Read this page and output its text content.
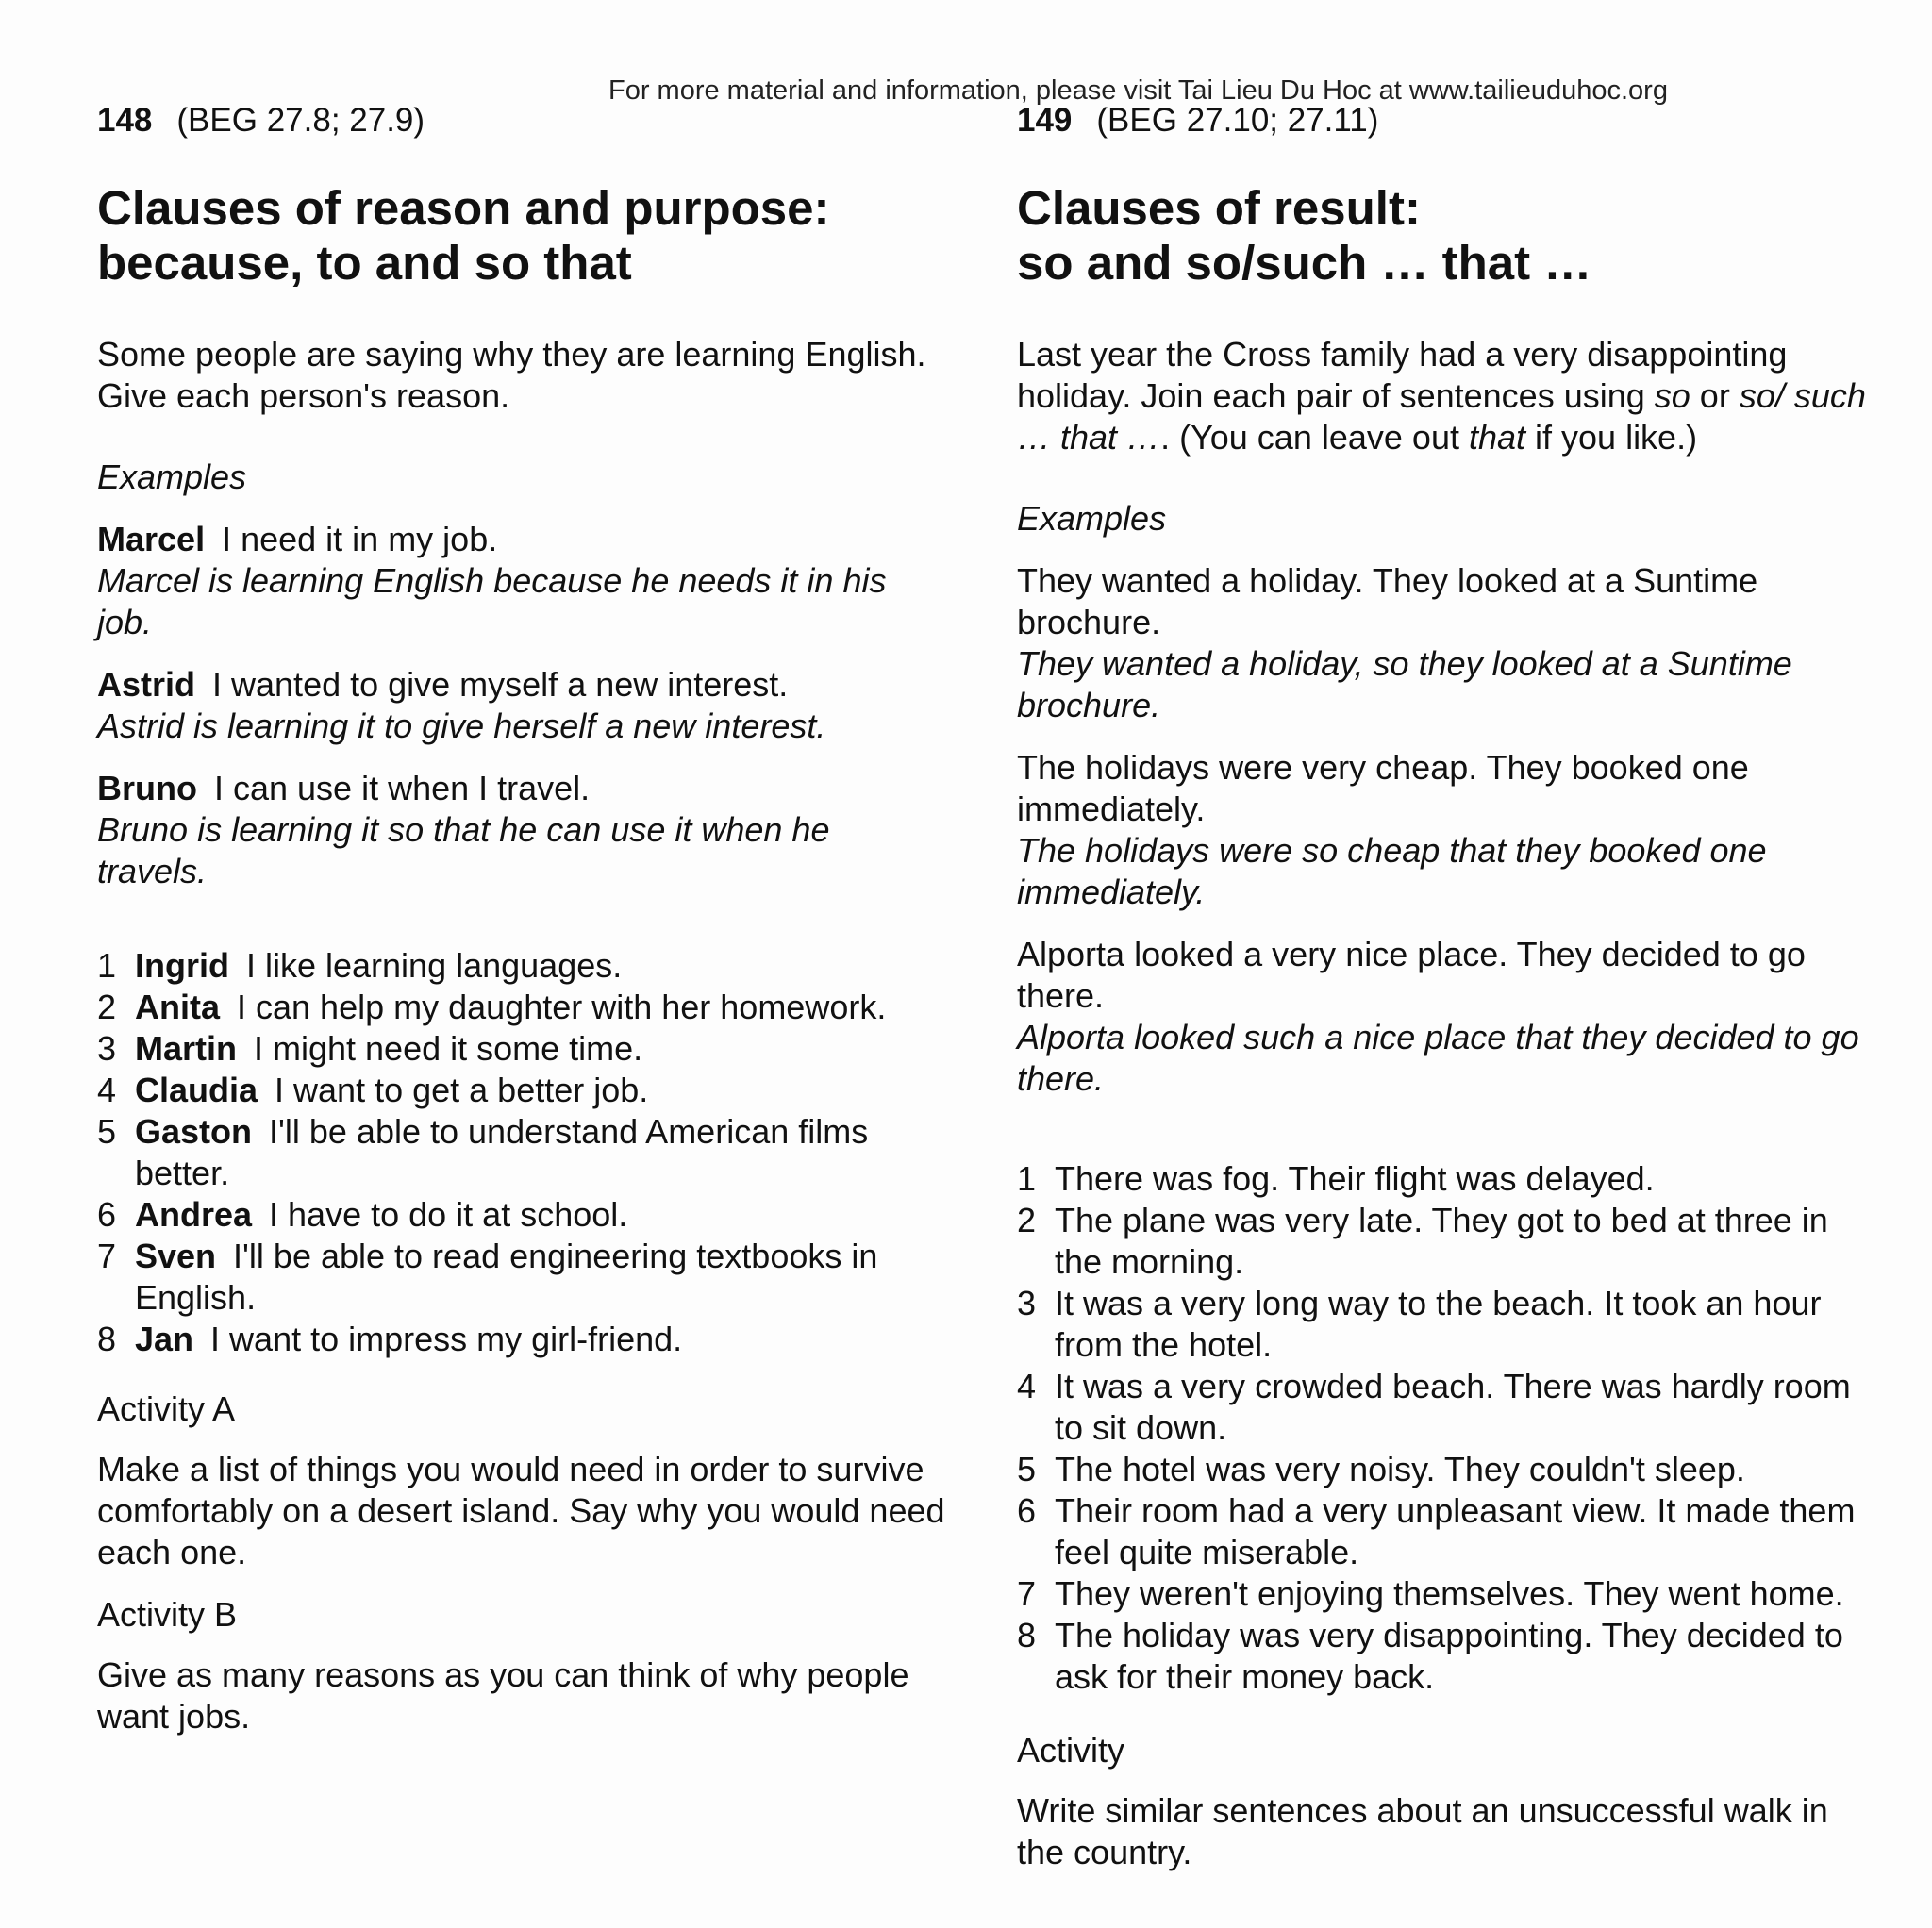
For more material and information, please visit Tai Lieu Du Hoc at www.tailieuduhoc.org
148 (BEG 27.8; 27.9)
Clauses of reason and purpose:
because, to and so that

Some people are saying why they are learning English. Give each person's reason.

Examples

Marcel I need it in my job.
Marcel is learning English because he needs it in his job.
Astrid I wanted to give myself a new interest.
Astrid is learning it to give herself a new interest.
Bruno I can use it when I travel.
Bruno is learning it so that he can use it when he travels.
1 Ingrid I like learning languages.
2 Anita I can help my daughter with her homework.
3 Martin I might need it some time.
4 Claudia I want to get a better job.
5 Gaston I'll be able to understand American films better.
6 Andrea I have to do it at school.
7 Sven I'll be able to read engineering textbooks in English.
8 Jan I want to impress my girl-friend.

Activity A

Make a list of things you would need in order to survive comfortably on a desert island. Say why you would need each one.

Activity B

Give as many reasons as you can think of why people want jobs.

149 (BEG 27.10; 27.11)
Clauses of result:
so and so/such … that …

Last year the Cross family had a very disappointing holiday. Join each pair of sentences using so or so/ such … that …. (You can leave out that if you like.)

Examples

They wanted a holiday. They looked at a Suntime brochure.
They wanted a holiday, so they looked at a Suntime brochure.
The holidays were very cheap. They booked one immediately.
The holidays were so cheap that they booked one immediately.
Alporta looked a very nice place. They decided to go there.
Alporta looked such a nice place that they decided to go there.
1 There was fog. Their flight was delayed.
2 The plane was very late. They got to bed at three in the morning.
3 It was a very long way to the beach. It took an hour from the hotel.
4 It was a very crowded beach. There was hardly room to sit down.
5 The hotel was very noisy. They couldn't sleep.
6 Their room had a very unpleasant view. It made them feel quite miserable.
7 They weren't enjoying themselves. They went home.
8 The holiday was very disappointing. They decided to ask for their money back.

Activity

Write similar sentences about an unsuccessful walk in the country.
